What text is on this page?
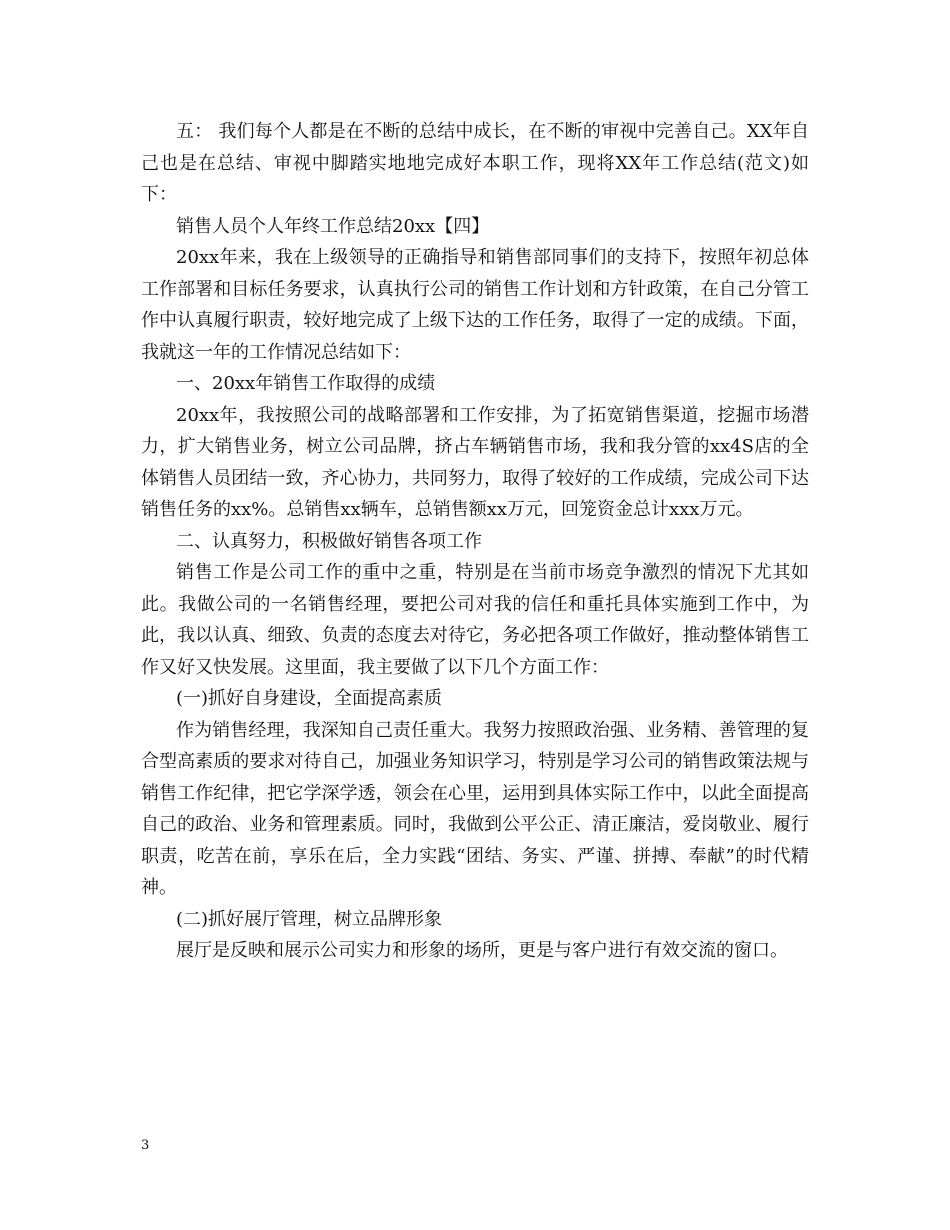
五： 我们每个人都是在不断的总结中成长，在不断的审视中完善自己。XX年自己也是在总结、审视中脚踏实地地完成好本职工作，现将XX年工作总结(范文)如下：

销售人员个人年终工作总结20xx【四】

20xx年来，我在上级领导的正确指导和销售部同事们的支持下，按照年初总体工作部署和目标任务要求，认真执行公司的销售工作计划和方针政策，在自己分管工作中认真履行职责，较好地完成了上级下达的工作任务，取得了一定的成绩。下面，我就这一年的工作情况总结如下：

一、20xx年销售工作取得的成绩

20xx年，我按照公司的战略部署和工作安排，为了拓宽销售渠道，挖掘市场潜力，扩大销售业务，树立公司品牌，挤占车辆销售市场，我和我分管的xx4S店的全体销售人员团结一致，齐心协力，共同努力，取得了较好的工作成绩，完成公司下达销售任务的xx%。总销售xx辆车，总销售额xx万元，回笼资金总计xxx万元。

二、认真努力，积极做好销售各项工作

销售工作是公司工作的重中之重，特别是在当前市场竞争激烈的情况下尤其如此。我做公司的一名销售经理，要把公司对我的信任和重托具体实施到工作中，为此，我以认真、细致、负责的态度去对待它，务必把各项工作做好，推动整体销售工作又好又快发展。这里面，我主要做了以下几个方面工作：

(一)抓好自身建设，全面提高素质

作为销售经理，我深知自己责任重大。我努力按照政治强、业务精、善管理的复合型高素质的要求对待自己，加强业务知识学习，特别是学习公司的销售政策法规与销售工作纪律，把它学深学透，领会在心里，运用到具体实际工作中，以此全面提高自己的政治、业务和管理素质。同时，我做到公平公正、清正廉洁，爱岗敬业、履行职责，吃苦在前，享乐在后，全力实践“团结、务实、严谨、拼搏、奉献”的时代精神。

(二)抓好展厅管理，树立品牌形象

展厅是反映和展示公司实力和形象的场所，更是与客户进行有效交流的窗口。

3
